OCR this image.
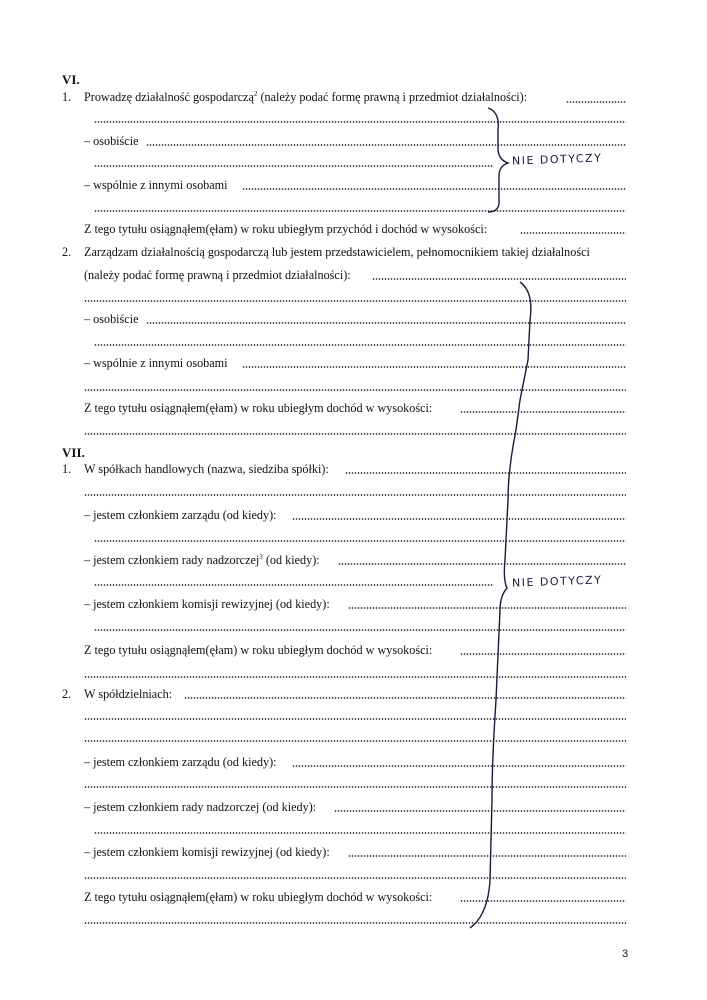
VI.
1. Prowadzę działalność gospodarczą$^2$ (należy podać formę prawną i przedmiot działalności):
– osobiście
– wspólnie z innymi osobami
Z tego tytułu osiągnąłem(ęłam) w roku ubiegłym przychód i dochód w wysokości:
2. Zarządzam działalnością gospodarczą lub jestem przedstawicielem, pełnomocnikiem takiej działalności
(należy podać formę prawną i przedmiot działalności):
– osobiście
– wspólnie z innymi osobami
Z tego tytułu osiągnąłem(ęłam) w roku ubiegłym dochód w wysokości:
VII.
1. W spółkach handlowych (nazwa, siedziba spółki):
– jestem członkiem zarządu (od kiedy):
– jestem członkiem rady nadzorczej$^3$ (od kiedy):
– jestem członkiem komisji rewizyjnej (od kiedy):
Z tego tytułu osiągnąłem(ęłam) w roku ubiegłym dochód w wysokości:
2. W spółdzielniach:
– jestem członkiem zarządu (od kiedy):
– jestem członkiem rady nadzorczej (od kiedy):
– jestem członkiem komisji rewizyjnej (od kiedy):
Z tego tytułu osiągnąłem(ęłam) w roku ubiegłym dochód w wysokości:
NIE DOTYCZY
NIE DOTYCZY
3
